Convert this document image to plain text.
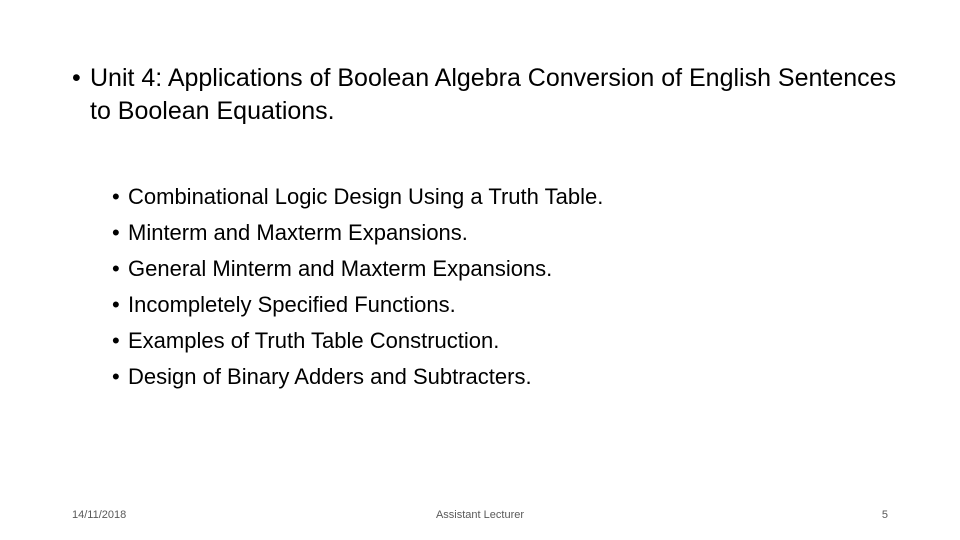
• Unit 4: Applications of Boolean Algebra Conversion of English Sentences to Boolean Equations.
• Combinational Logic Design Using a Truth Table.
• Minterm and Maxterm Expansions.
• General Minterm and Maxterm Expansions.
• Incompletely Specified Functions.
• Examples of Truth Table Construction.
• Design of Binary Adders and Subtracters.
14/11/2018	Assistant Lecturer	5
